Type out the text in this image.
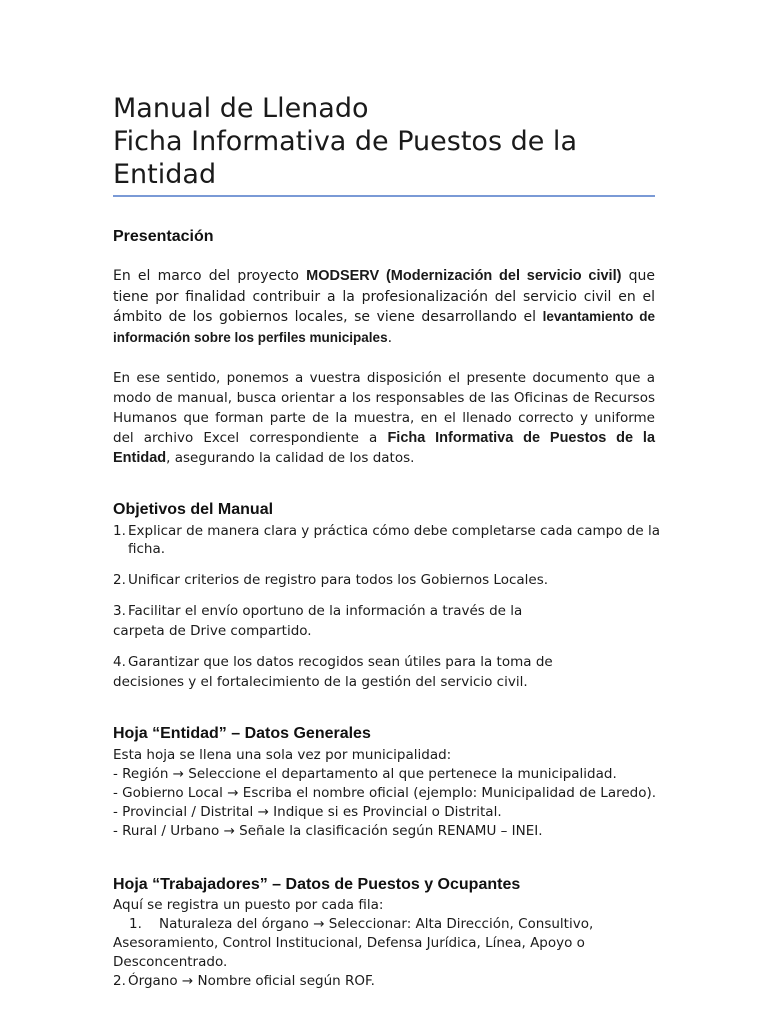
Manual de Llenado
Ficha Informativa de Puestos de la
Entidad
Presentación
En el marco del proyecto MODSERV (Modernización del servicio civil) que tiene por finalidad contribuir a la profesionalización del servicio civil en el ámbito de los gobiernos locales, se viene desarrollando el levantamiento de información sobre los perfiles municipales.
En ese sentido, ponemos a vuestra disposición el presente documento que a modo de manual, busca orientar a los responsables de las Oficinas de Recursos Humanos que forman parte de la muestra, en el llenado correcto y uniforme del archivo Excel correspondiente a Ficha Informativa de Puestos de la Entidad, asegurando la calidad de los datos.
Objetivos del Manual
1. Explicar de manera clara y práctica cómo debe completarse cada campo de la
ficha.
2. Unificar criterios de registro para todos los Gobiernos Locales.
3. Facilitar el envío oportuno de la información a través de la
carpeta de Drive compartido.
4. Garantizar que los datos recogidos sean útiles para la toma de
decisiones y el fortalecimiento de la gestión del servicio civil.
Hoja “Entidad” – Datos Generales
Esta hoja se llena una sola vez por municipalidad:
- Región → Seleccione el departamento al que pertenece la municipalidad.
- Gobierno Local → Escriba el nombre oficial (ejemplo: Municipalidad de Laredo).
- Provincial / Distrital → Indique si es Provincial o Distrital.
- Rural / Urbano → Señale la clasificación según RENAMU – INEI.
Hoja “Trabajadores” – Datos de Puestos y Ocupantes
Aquí se registra un puesto por cada fila:
1. Naturaleza del órgano → Seleccionar: Alta Dirección, Consultivo,
Asesoramiento, Control Institucional, Defensa Jurídica, Línea, Apoyo o
Desconcentrado.
2. Órgano → Nombre oficial según ROF.
